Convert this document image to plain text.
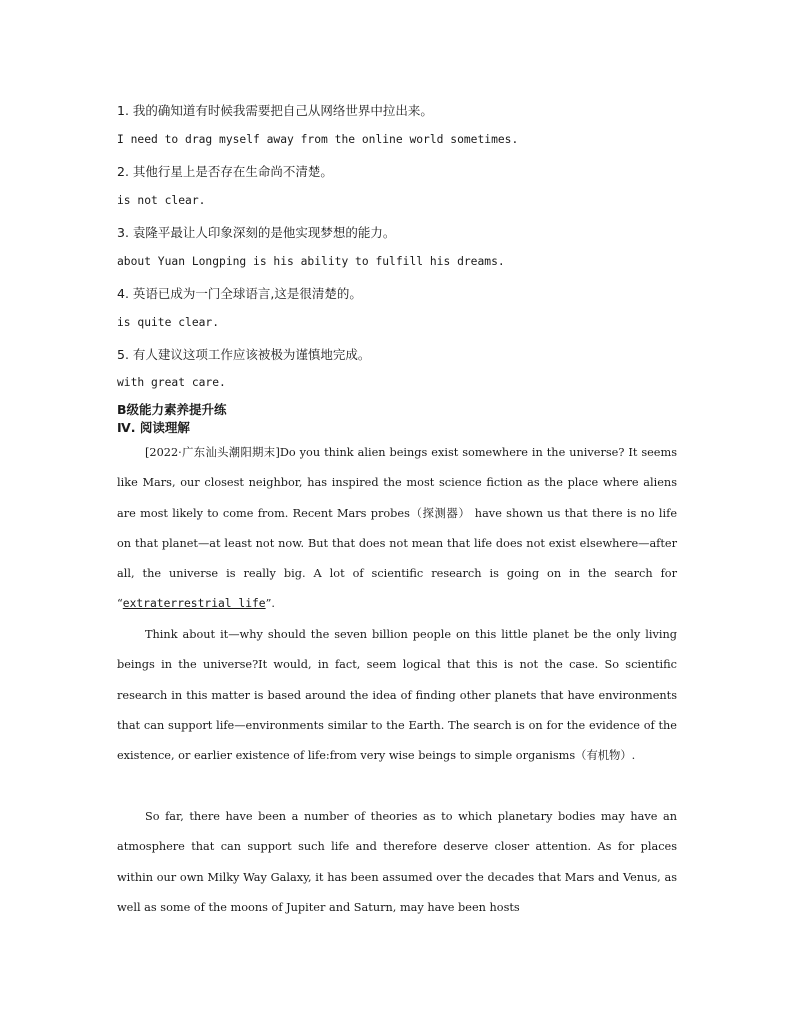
1. 我的确知道有时候我需要把自己从网络世界中拉出来。
I need to drag myself away from the online world sometimes.
2. 其他行星上是否存在生命尚不清楚。
is not clear.
3. 袁隆平最让人印象深刻的是他实现梦想的能力。
about Yuan Longping is his ability to fulfill his dreams.
4. 英语已成为一门全球语言,这是很清楚的。
is quite clear.
5. 有人建议这项工作应该被极为谨慎地完成。
with great care.
B级能力素养提升练
Ⅳ. 阅读理解

[2022·广东汕头潮阳期末]Do you think alien beings exist somewhere in the universe? It seems like Mars, our closest neighbor, has inspired the most science fiction as the place where aliens are most likely to come from. Recent Mars probes（探测器） have shown us that there is no life on that planet—at least not now. But that does not mean that life does not exist elsewhere—after all, the universe is really big. A lot of scientific research is going on in the search for “extraterrestrial life”.

Think about it—why should the seven billion people on this little planet be the only living beings in the universe?It would, in fact, seem logical that this is not the case. So scientific research in this matter is based around the idea of finding other planets that have environments that can support life—environments similar to the Earth. The search is on for the evidence of the existence, or earlier existence of life:from very wise beings to simple organisms（有机物）.

So far, there have been a number of theories as to which planetary bodies may have an atmosphere that can support such life and therefore deserve closer attention. As for places within our own Milky Way Galaxy, it has been assumed over the decades that Mars and Venus, as well as some of the moons of Jupiter and Saturn, may have been hosts
